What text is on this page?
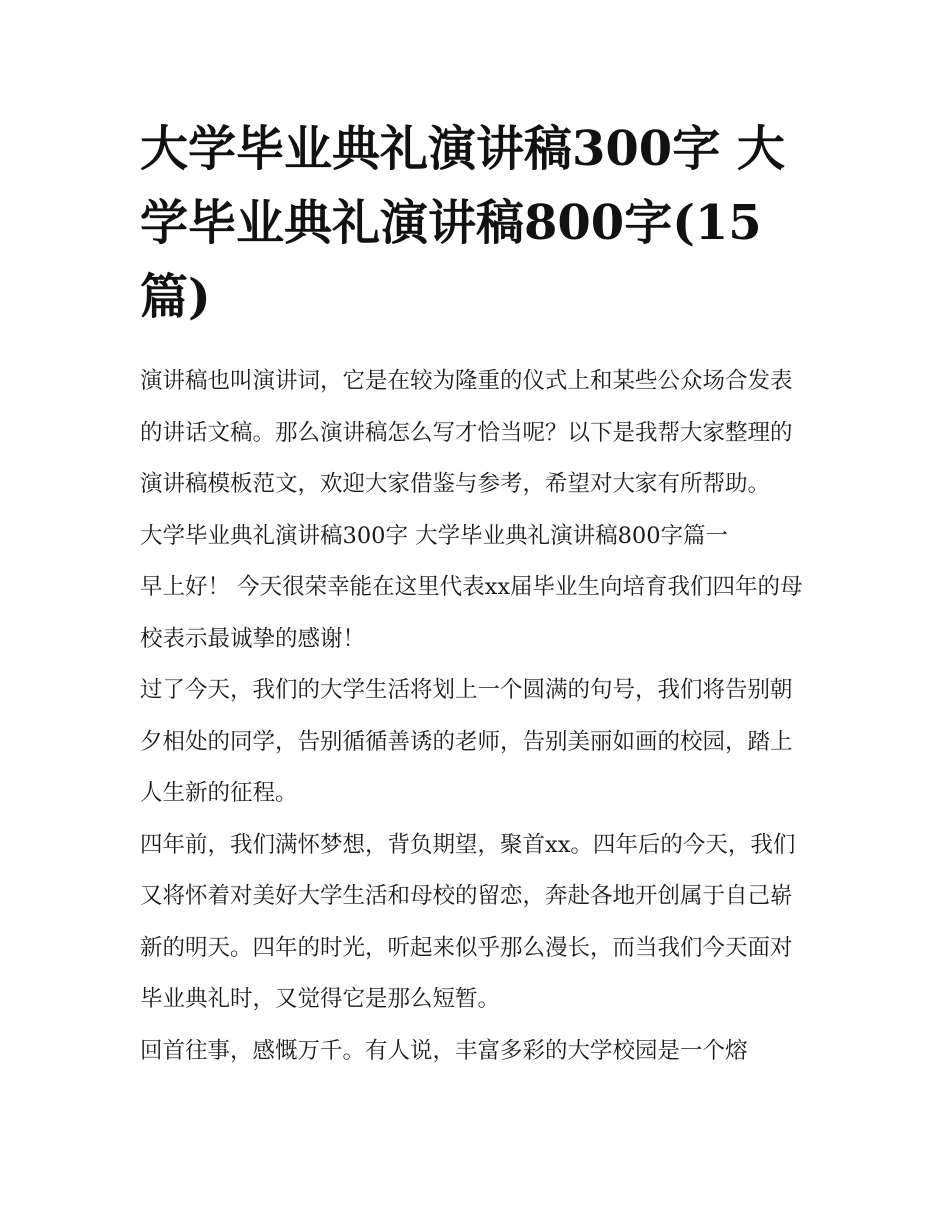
大学毕业典礼演讲稿300字 大学毕业典礼演讲稿800字(15篇)

演讲稿也叫演讲词，它是在较为隆重的仪式上和某些公众场合发表的讲话文稿。那么演讲稿怎么写才恰当呢？以下是我帮大家整理的演讲稿模板范文，欢迎大家借鉴与参考，希望对大家有所帮助。

大学毕业典礼演讲稿300字 大学毕业典礼演讲稿800字篇一

早上好！ 今天很荣幸能在这里代表xx届毕业生向培育我们四年的母校表示最诚挚的感谢！

过了今天，我们的大学生活将划上一个圆满的句号，我们将告别朝夕相处的同学，告别循循善诱的老师，告别美丽如画的校园，踏上人生新的征程。

四年前，我们满怀梦想，背负期望，聚首xx。四年后的今天，我们又将怀着对美好大学生活和母校的留恋，奔赴各地开创属于自己崭新的明天。四年的时光，听起来似乎那么漫长，而当我们今天面对毕业典礼时，又觉得它是那么短暂。

回首往事，感慨万千。有人说，丰富多彩的大学校园是一个熔
